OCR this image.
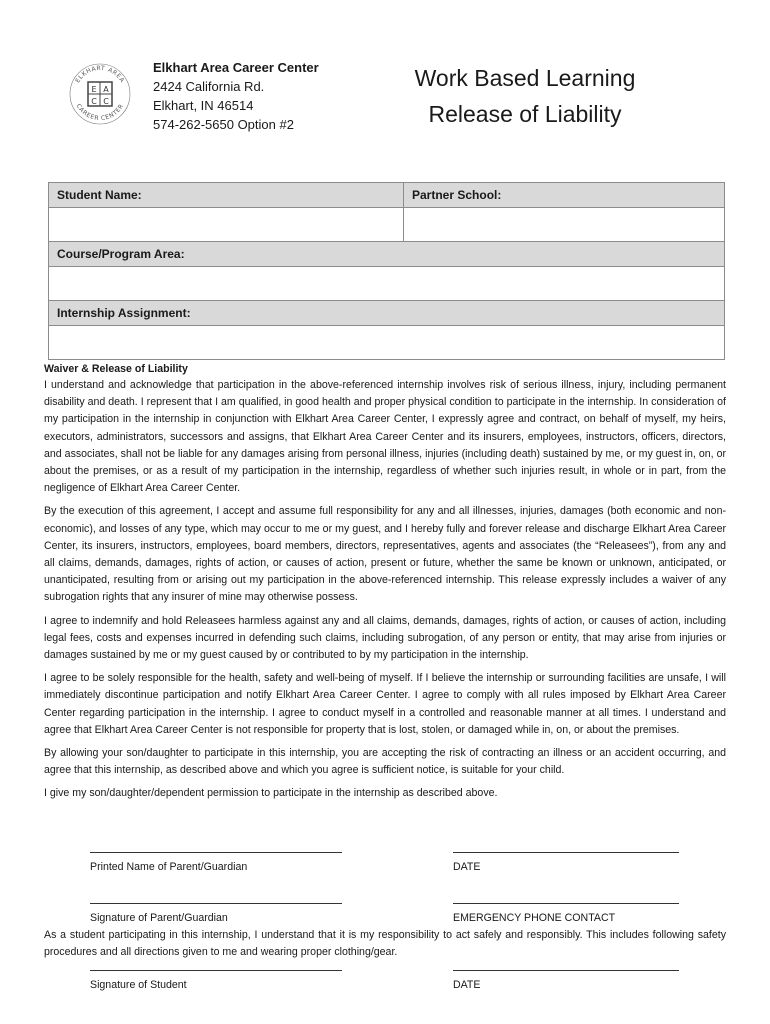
ELKHART AREA
CAREER CENTER
E A
C C
Elkhart Area Career Center
2424 California Rd.
Elkhart, IN 46514
574-262-5650 Option #2
Work Based Learning
Release of Liability
Student Name:	Partner School:

Course/Program Area:	

Internship Assignment:	

Waiver & Release of Liability

I understand and acknowledge that participation in the above-referenced internship involves risk of serious illness, injury, including permanent disability and death. I represent that I am qualified, in good health and proper physical condition to participate in the internship. In consideration of my participation in the internship in conjunction with Elkhart Area Career Center, I expressly agree and contract, on behalf of myself, my heirs, executors, administrators, successors and assigns, that Elkhart Area Career Center and its insurers, employees, instructors, officers, directors, and associates, shall not be liable for any damages arising from personal illness, injuries (including death) sustained by me, or my guest in, on, or about the premises, or as a result of my participation in the internship, regardless of whether such injuries result, in whole or in part, from the negligence of Elkhart Area Career Center.

By the execution of this agreement, I accept and assume full responsibility for any and all illnesses, injuries, damages (both economic and non-economic), and losses of any type, which may occur to me or my guest, and I hereby fully and forever release and discharge Elkhart Area Career Center, its insurers, instructors, employees, board members, directors, representatives, agents and associates (the “Releasees”), from any and all claims, demands, damages, rights of action, or causes of action, present or future, whether the same be known or unknown, anticipated, or unanticipated, resulting from or arising out my participation in the above-referenced internship. This release expressly includes a waiver of any subrogation rights that any insurer of mine may otherwise possess.

I agree to indemnify and hold Releasees harmless against any and all claims, demands, damages, rights of action, or causes of action, including legal fees, costs and expenses incurred in defending such claims, including subrogation, of any person or entity, that may arise from injuries or damages sustained by me or my guest caused by or contributed to by my participation in the internship.

I agree to be solely responsible for the health, safety and well-being of myself. If I believe the internship or surrounding facilities are unsafe, I will immediately discontinue participation and notify Elkhart Area Career Center. I agree to comply with all rules imposed by Elkhart Area Career Center regarding participation in the internship. I agree to conduct myself in a controlled and reasonable manner at all times. I understand and agree that Elkhart Area Career Center is not responsible for property that is lost, stolen, or damaged while in, on, or about the premises.

By allowing your son/daughter to participate in this internship, you are accepting the risk of contracting an illness or an accident occurring, and agree that this internship, as described above and which you agree is sufficient notice, is suitable for your child.

I give my son/daughter/dependent permission to participate in the internship as described above.

Printed Name of Parent/Guardian	DATE
Signature of Parent/Guardian	EMERGENCY PHONE CONTACT
As a student participating in this internship, I understand that it is my responsibility to act safely and responsibly. This includes following safety procedures and all directions given to me and wearing proper clothing/gear.
Signature of Student	DATE
